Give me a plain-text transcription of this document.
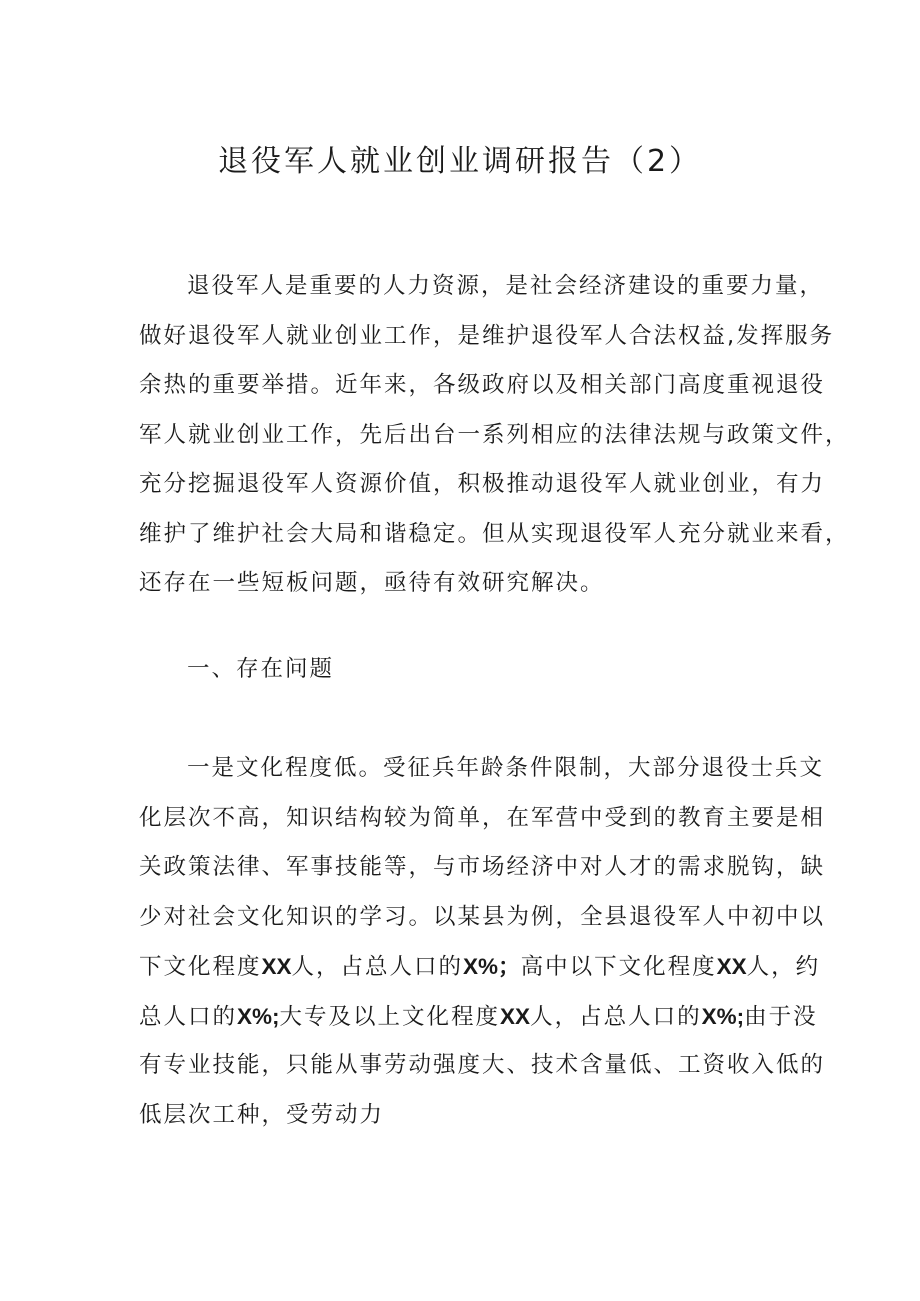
退役军人就业创业调研报告（2）
退役军人是重要的人力资源，是社会经济建设的重要力量，
做好退役军人就业创业工作，是维护退役军人合法权益,发挥服务
余热的重要举措。近年来，各级政府以及相关部门高度重视退役
军人就业创业工作，先后出台一系列相应的法律法规与政策文件，
充分挖掘退役军人资源价值，积极推动退役军人就业创业，有力
维护了维护社会大局和谐稳定。但从实现退役军人充分就业来看，
还存在一些短板问题，亟待有效研究解决。
一、存在问题
一是文化程度低。受征兵年龄条件限制，大部分退役士兵文
化层次不高，知识结构较为简单，在军营中受到的教育主要是相
关政策法律、军事技能等，与市场经济中对人才的需求脱钩，缺
少对社会文化知识的学习。以某县为例，全县退役军人中初中以
下文化程度XX人，占总人口的X%；高中以下文化程度XX人，约
总人口的X%;大专及以上文化程度XX人，占总人口的X%;由于没
有专业技能，只能从事劳动强度大、技术含量低、工资收入低的
低层次工种，受劳动力
